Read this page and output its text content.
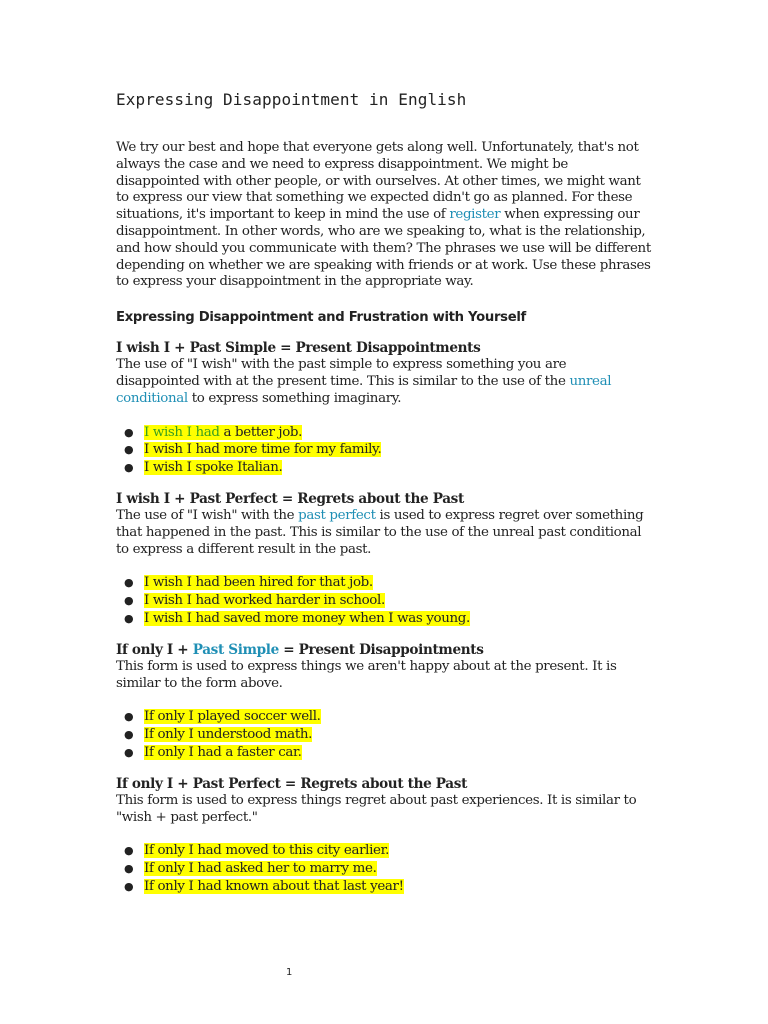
Expressing Disappointment in English

We try our best and hope that everyone gets along well. Unfortunately, that's not always the case and we need to express disappointment. We might be disappointed with other people, or with ourselves. At other times, we might want to express our view that something we expected didn't go as planned. For these situations, it's important to keep in mind the use of register when expressing our disappointment. In other words, who are we speaking to, what is the relationship, and how should you communicate with them? The phrases we use will be different depending on whether we are speaking with friends or at work. Use these phrases to express your disappointment in the appropriate way.

Expressing Disappointment and Frustration with Yourself
I wish I + Past Simple = Present Disappointments

The use of "I wish" with the past simple to express something you are disappointed with at the present time. This is similar to the use of the unreal conditional to express something imaginary.

● I wish I had a better job.
● I wish I had more time for my family.
● I wish I spoke Italian.
I wish I + Past Perfect = Regrets about the Past

The use of "I wish" with the past perfect is used to express regret over something that happened in the past. This is similar to the use of the unreal past conditional to express a different result in the past.

● I wish I had been hired for that job.
● I wish I had worked harder in school.
● I wish I had saved more money when I was young.
If only I + Past Simple = Present Disappointments

This form is used to express things we aren't happy about at the present. It is similar to the form above.

● If only I played soccer well.
● If only I understood math.
● If only I had a faster car.
If only I + Past Perfect = Regrets about the Past

This form is used to express things regret about past experiences. It is similar to "wish + past perfect."

● If only I had moved to this city earlier.
● If only I had asked her to marry me.
● If only I had known about that last year!
1
